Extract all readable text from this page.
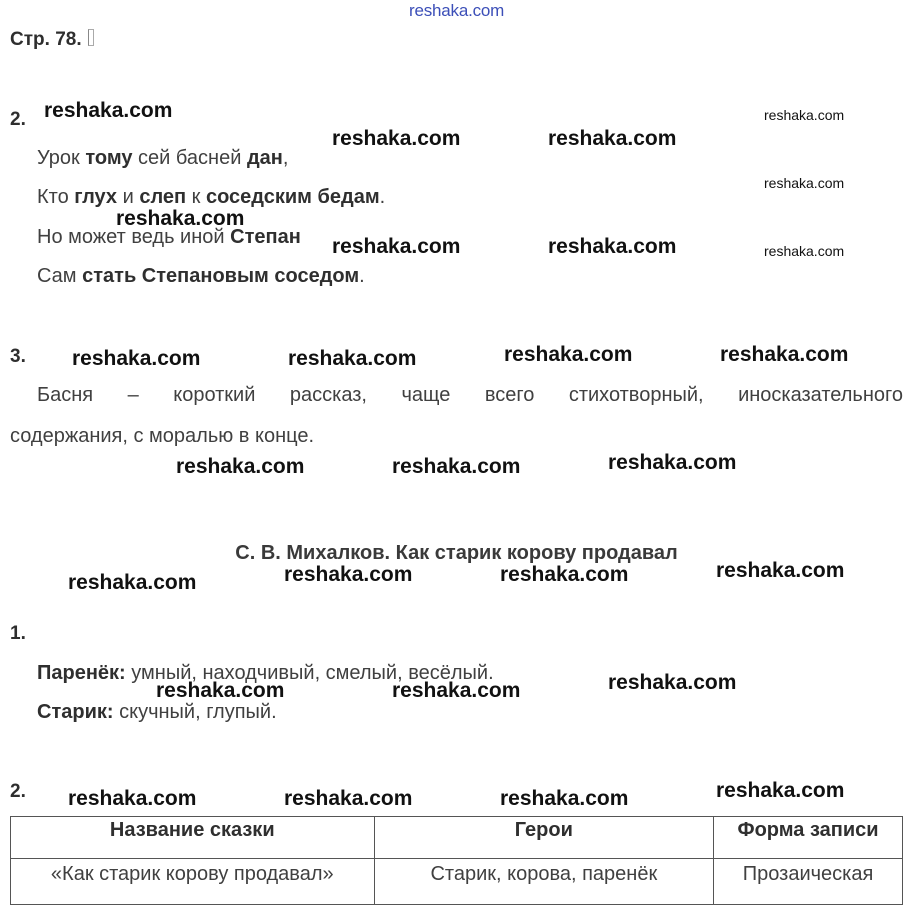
reshaka.com
Стр. 78.
2.
Урок тому сей басней дан,
Кто глух и слеп к соседским бедам.
Но может ведь иной Степан
Сам стать Степановым соседом.
3.
Басня – короткий рассказ, чаще всего стихотворный, иносказательного
содержания, с моралью в конце.
С. В. Михалков. Как старик корову продавал
1.
Паренёк: умный, находчивый, смелый, весёлый.
Старик: скучный, глупый.
2.
Название сказки	Герои	Форма записи
«Как старик корову продавал»	Старик, корова, паренёк	Прозаическая
reshaka.com
reshaka.com	reshaka.com
reshaka.com
reshaka.com
reshaka.com
reshaka.com	reshaka.com	reshaka.com
reshaka.com	reshaka.com	reshaka.com	reshaka.com
reshaka.com	reshaka.com	reshaka.com
reshaka.com	reshaka.com	reshaka.com	reshaka.com
reshaka.com	reshaka.com	reshaka.com
reshaka.com	reshaka.com	reshaka.com	reshaka.com
